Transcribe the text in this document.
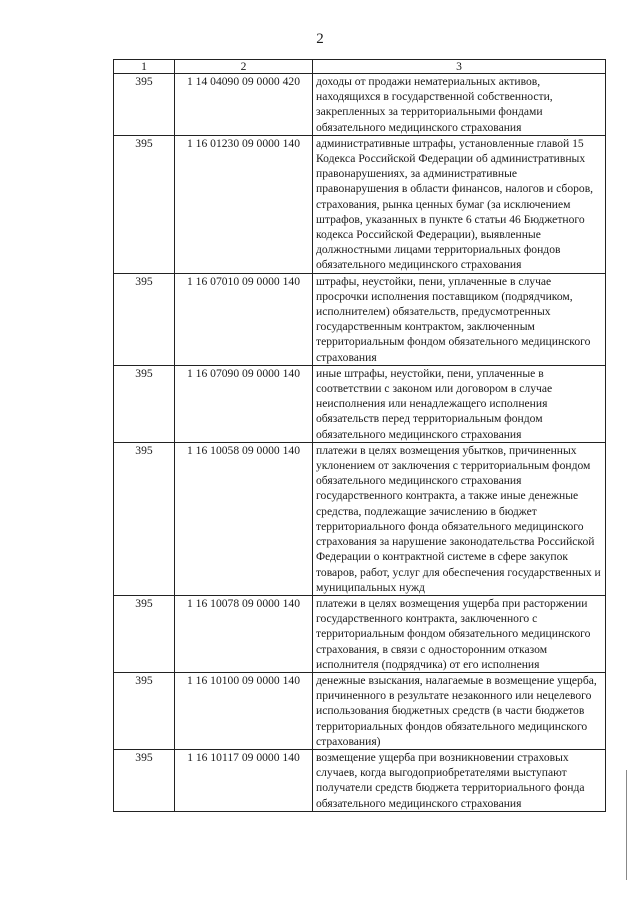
2
1	2	3
395	1 14 04090 09 0000 420	доходы от продажи нематериальных активов, находящихся в государственной собственности, закрепленных за территориальными фондами обязательного медицинского страхования
395	1 16 01230 09 0000 140	административные штрафы, установленные главой 15 Кодекса Российской Федерации об административных правонарушениях, за административные правонарушения в области финансов, налогов и сборов, страхования, рынка ценных бумаг (за исключением штрафов, указанных в пункте 6 статьи 46 Бюджетного кодекса Российской Федерации), выявленные должностными лицами территориальных фондов обязательного медицинского страхования
395	1 16 07010 09 0000 140	штрафы, неустойки, пени, уплаченные в случае просрочки исполнения поставщиком (подрядчиком, исполнителем) обязательств, предусмотренных государственным контрактом, заключенным территориальным фондом обязательного медицинского страхования
395	1 16 07090 09 0000 140	иные штрафы, неустойки, пени, уплаченные в соответствии с законом или договором в случае неисполнения или ненадлежащего исполнения обязательств перед территориальным фондом обязательного медицинского страхования
395	1 16 10058 09 0000 140	платежи в целях возмещения убытков, причиненных уклонением от заключения с территориальным фондом обязательного медицинского страхования государственного контракта, а также иные денежные средства, подлежащие зачислению в бюджет территориального фонда обязательного медицинского страхования за нарушение законодательства Российской Федерации о контрактной системе в сфере закупок товаров, работ, услуг для обеспечения государственных и муниципальных нужд
395	1 16 10078 09 0000 140	платежи в целях возмещения ущерба при расторжении государственного контракта, заключенного с территориальным фондом обязательного медицинского страхования, в связи с односторонним отказом исполнителя (подрядчика) от его исполнения
395	1 16 10100 09 0000 140	денежные взыскания, налагаемые в возмещение ущерба, причиненного в результате незаконного или нецелевого использования бюджетных средств (в части бюджетов территориальных фондов обязательного медицинского страхования)
395	1 16 10117 09 0000 140	возмещение ущерба при возникновении страховых случаев, когда выгодоприобретателями выступают получатели средств бюджета территориального фонда обязательного медицинского страхования
